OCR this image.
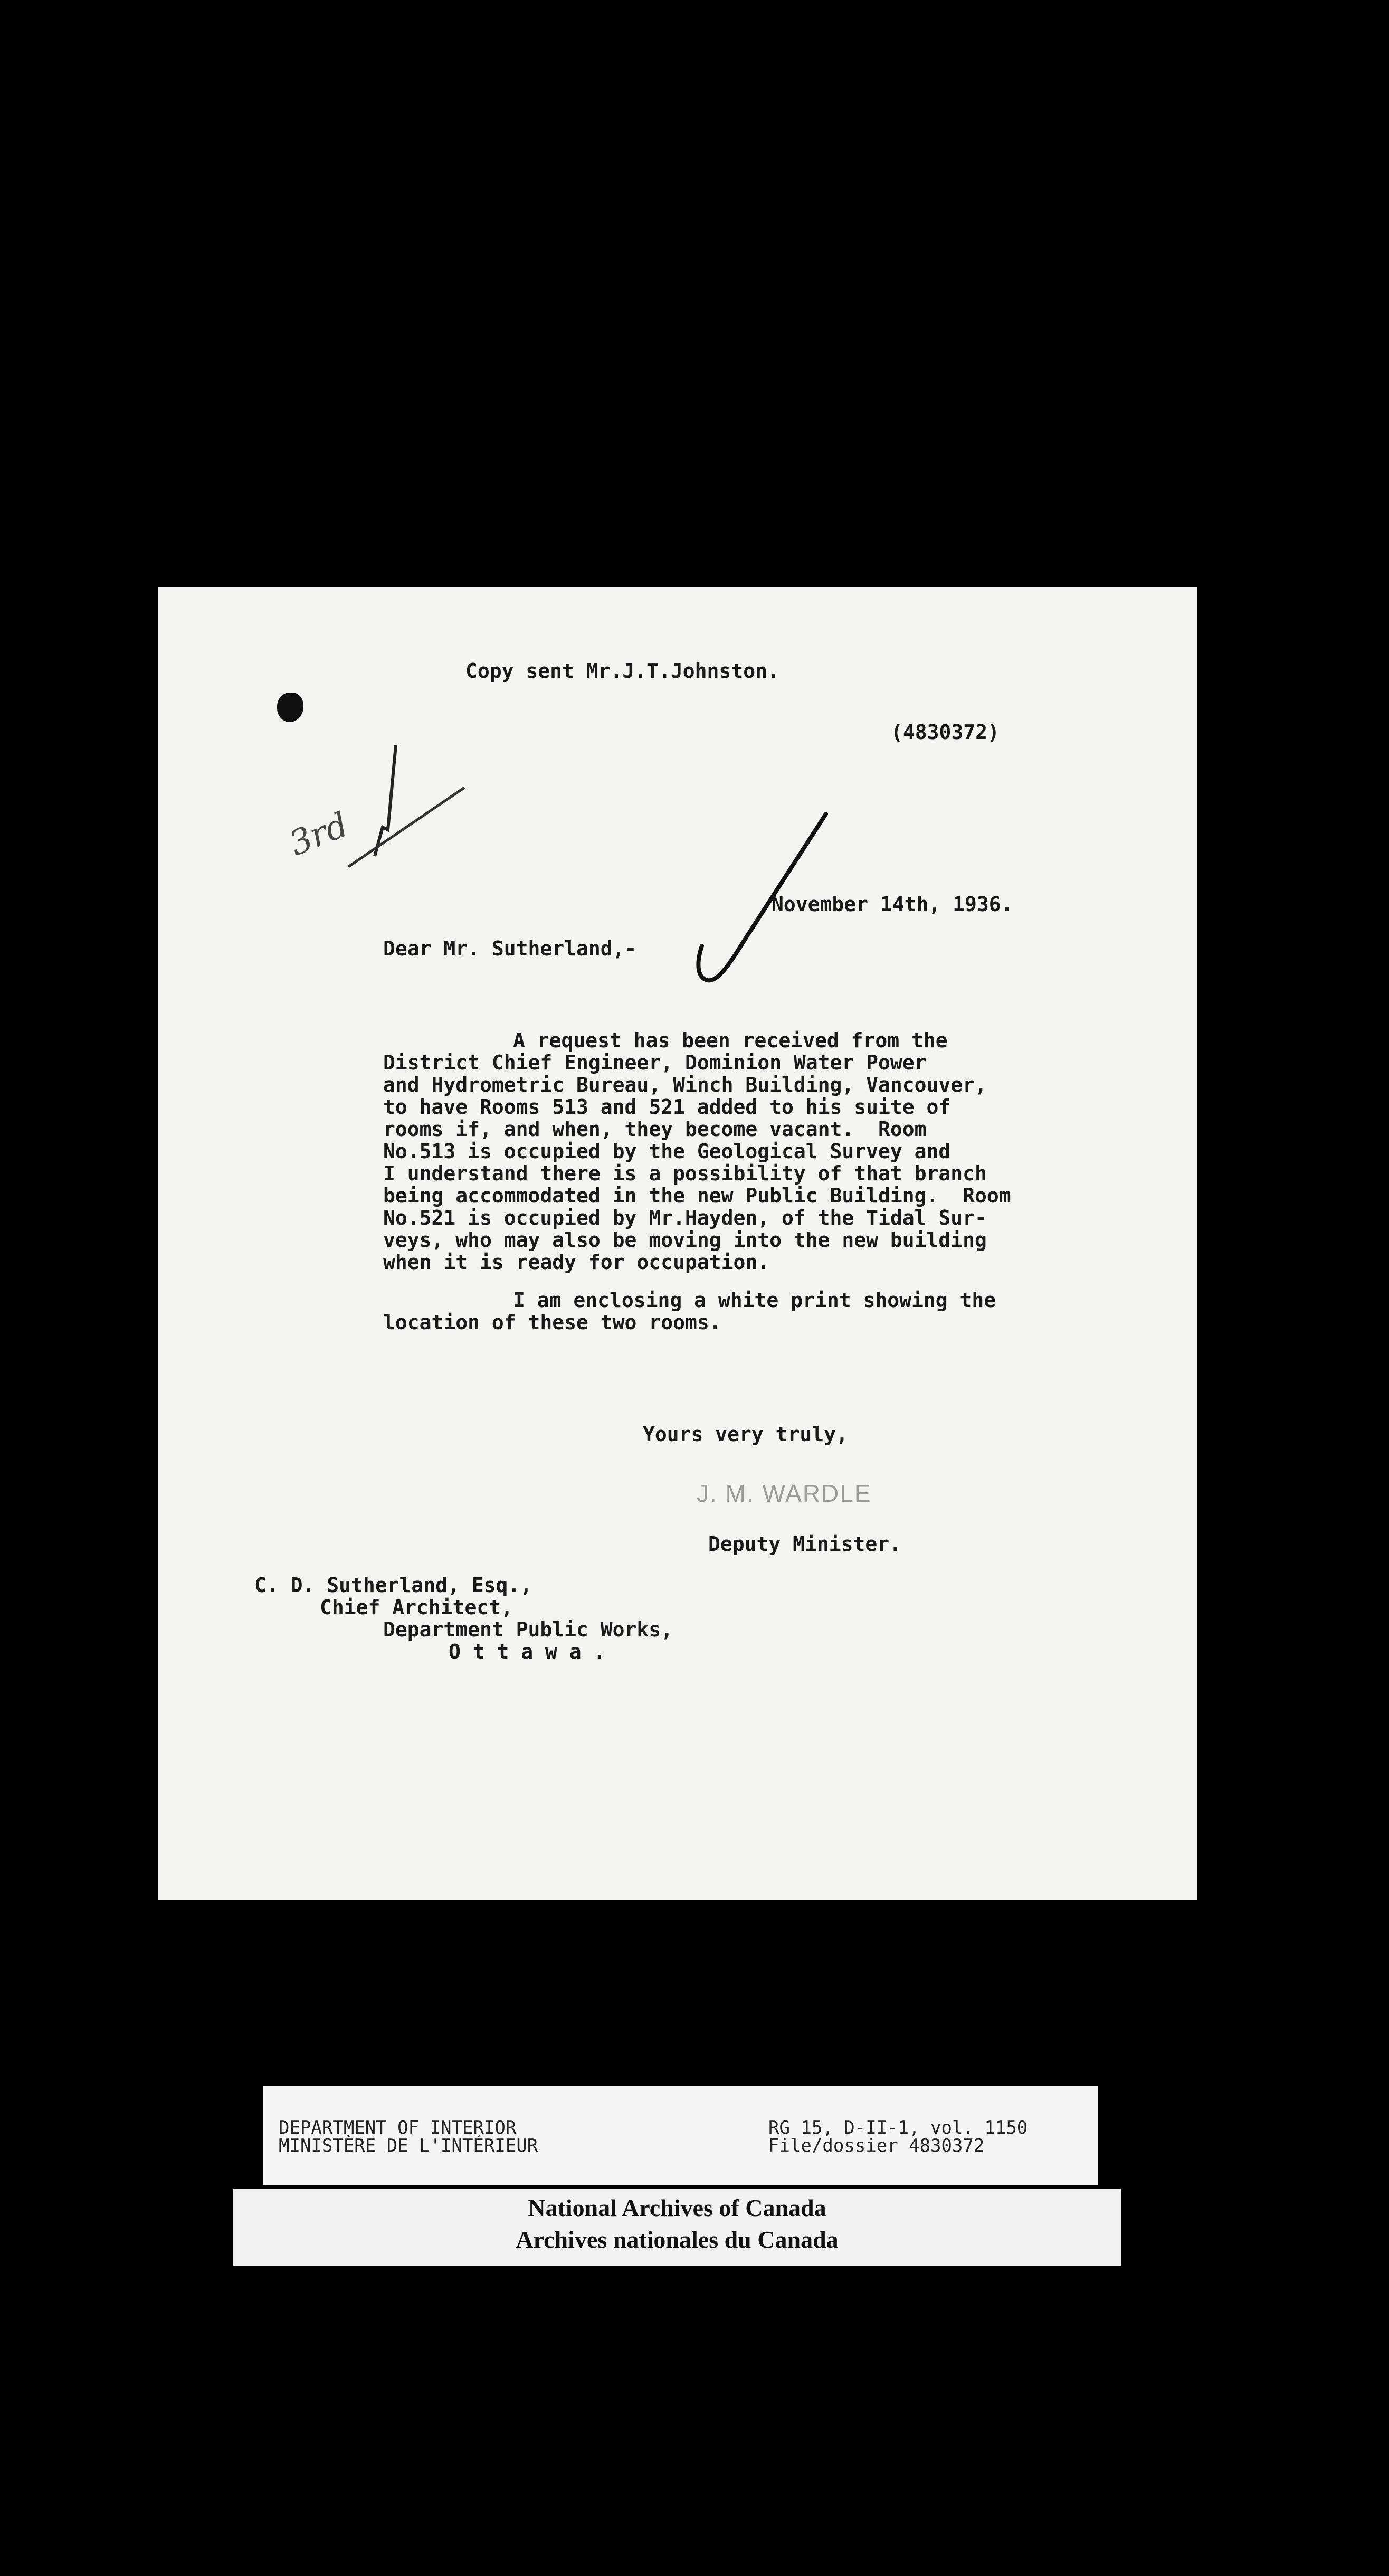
Copy sent Mr.J.T.Johnston.
(4830372)
3rd
November 14th, 1936.
Dear Mr. Sutherland,-
A request has been received from the
District Chief Engineer, Dominion Water Power
and Hydrometric Bureau, Winch Building, Vancouver,
to have Rooms 513 and 521 added to his suite of
rooms if, and when, they become vacant.  Room
No.513 is occupied by the Geological Survey and
I understand there is a possibility of that branch
being accommodated in the new Public Building.  Room
No.521 is occupied by Mr.Hayden, of the Tidal Sur-
veys, who may also be moving into the new building
when it is ready for occupation.
I am enclosing a white print showing the
location of these two rooms.
Yours very truly,
J. M. WARDLE
Deputy Minister.
C. D. Sutherland, Esq.,
Chief Architect,
Department Public Works,
O t t a w a .
DEPARTMENT OF INTERIOR
MINISTÈRE DE L'INTÉRIEUR
RG 15, D-II-1, vol. 1150
File/dossier 4830372
National Archives of Canada
Archives nationales du Canada
